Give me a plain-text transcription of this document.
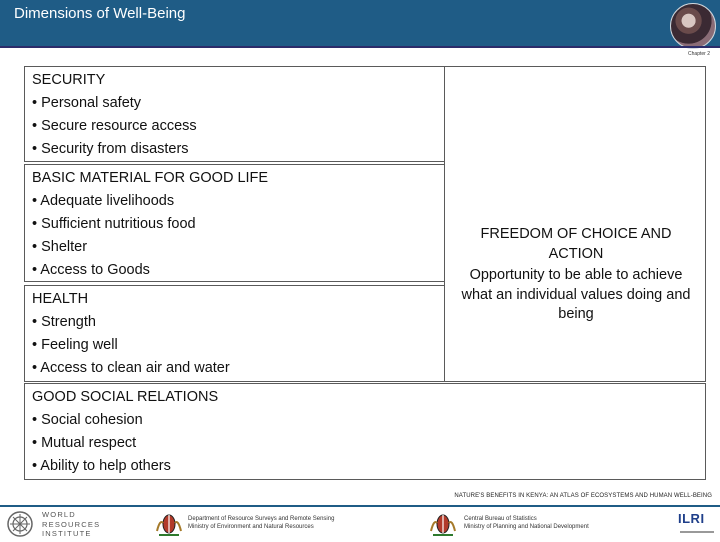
Dimensions of Well-Being
Chapter 2
SECURITY
• Personal safety
• Secure resource access
• Security from disasters
BASIC MATERIAL FOR GOOD LIFE
• Adequate livelihoods
• Sufficient nutritious food
• Shelter
• Access to Goods
HEALTH
• Strength
• Feeling well
• Access to clean air and water
GOOD SOCIAL RELATIONS
• Social cohesion
• Mutual respect
• Ability to help others
FREEDOM OF CHOICE AND ACTION
Opportunity to be able to achieve what an individual values doing and being
NATURE'S BENEFITS IN KENYA: AN ATLAS OF ECOSYSTEMS AND HUMAN WELL-BEING
WORLD
RESOURCES
INSTITUTE
Department of Resource Surveys and Remote Sensing
Ministry of Environment and Natural Resources
Central Bureau of Statistics
Ministry of Planning and National Development
ILRI
